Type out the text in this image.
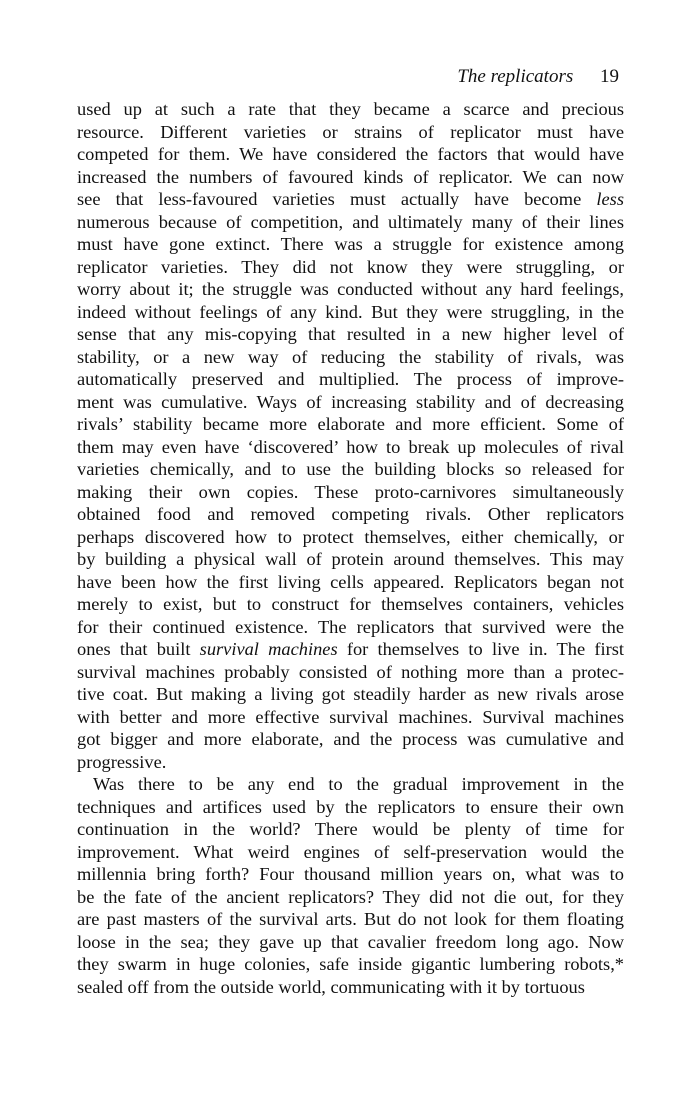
The replicators 19
used up at such a rate that they became a scarce and precious
resource. Different varieties or strains of replicator must have
competed for them. We have considered the factors that would have
increased the numbers of favoured kinds of replicator. We can now
see that less-favoured varieties must actually have become less
numerous because of competition, and ultimately many of their lines
must have gone extinct. There was a struggle for existence among
replicator varieties. They did not know they were struggling, or
worry about it; the struggle was conducted without any hard feelings,
indeed without feelings of any kind. But they were struggling, in the
sense that any mis-copying that resulted in a new higher level of
stability, or a new way of reducing the stability of rivals, was
automatically preserved and multiplied. The process of improve-
ment was cumulative. Ways of increasing stability and of decreasing
rivals’ stability became more elaborate and more efficient. Some of
them may even have ‘discovered’ how to break up molecules of rival
varieties chemically, and to use the building blocks so released for
making their own copies. These proto-carnivores simultaneously
obtained food and removed competing rivals. Other replicators
perhaps discovered how to protect themselves, either chemically, or
by building a physical wall of protein around themselves. This may
have been how the first living cells appeared. Replicators began not
merely to exist, but to construct for themselves containers, vehicles
for their continued existence. The replicators that survived were the
ones that built survival machines for themselves to live in. The first
survival machines probably consisted of nothing more than a protec-
tive coat. But making a living got steadily harder as new rivals arose
with better and more effective survival machines. Survival machines
got bigger and more elaborate, and the process was cumulative and
progressive.
Was there to be any end to the gradual improvement in the
techniques and artifices used by the replicators to ensure their own
continuation in the world? There would be plenty of time for
improvement. What weird engines of self-preservation would the
millennia bring forth? Four thousand million years on, what was to
be the fate of the ancient replicators? They did not die out, for they
are past masters of the survival arts. But do not look for them floating
loose in the sea; they gave up that cavalier freedom long ago. Now
they swarm in huge colonies, safe inside gigantic lumbering robots,*
sealed off from the outside world, communicating with it by tortuous
